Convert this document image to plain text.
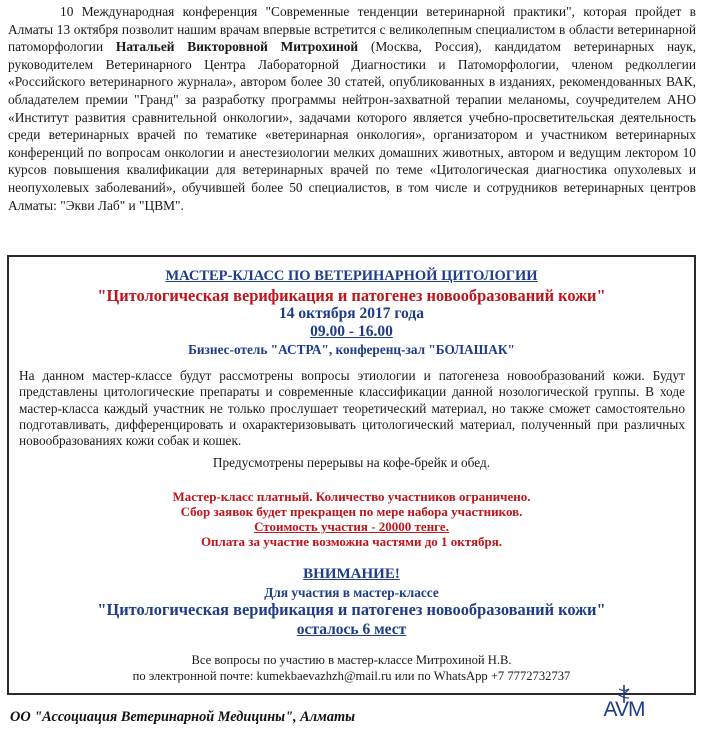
10 Международная конференция "Современные тенденции ветеринарной практики", которая пройдет в Алматы 13 октября позволит нашим врачам впервые встретится с великолепным специалистом в области ветеринарной патоморфологии Натальей Викторовной Митрохиной (Москва, Россия), кандидатом ветеринарных наук, руководителем Ветеринарного Центра Лабораторной Диагностики и Патоморфологии, членом редколлегии «Российского ветеринарного журнала», автором более 30 статей, опубликованных в изданиях, рекомендованных ВАК, обладателем премии "Гранд" за разработку программы нейтрон-захватной терапии меланомы, соучредителем АНО «Институт развития сравнительной онкологии», задачами которого является учебно-просветительская деятельность среди ветеринарных врачей по тематике «ветеринарная онкология», организатором и участником ветеринарных конференций по вопросам онкологии и анестезиологии мелких домашних животных, автором и ведущим лектором 10 курсов повышения квалификации для ветеринарных врачей по теме «Цитологическая диагностика опухолевых и неопухолевых заболеваний», обучившей более 50 специалистов, в том числе и сотрудников ветеринарных центров Алматы: "Экви Лаб" и "ЦВМ".

МАСТЕР-КЛАСС ПО ВЕТЕРИНАРНОЙ ЦИТОЛОГИИ

"Цитологическая верификация и патогенез новообразований кожи"

14 октября 2017 года

09.00 - 16.00

Бизнес-отель "АСТРА", конференц-зал "БОЛАШАК"

На данном мастер-классе будут рассмотрены вопросы этиологии и патогенеза новообразований кожи. Будут представлены цитологические препараты и современные классификации данной нозологической группы. В ходе мастер-класса каждый участник не только прослушает теоретический материал, но также сможет самостоятельно подготавливать, дифференцировать и охарактеризовывать цитологический материал, полученный при различных новообразованиях кожи собак и кошек.

Предусмотрены перерывы на кофе-брейк и обед.

Мастер-класс платный. Количество участников ограничено.

Сбор заявок будет прекращен по мере набора участников.

Стоимость участия - 20000 тенге.

Оплата за участие возможна частями до 1 октября.

ВНИМАНИЕ!

Для участия в мастер-классе

"Цитологическая верификация и патогенез новообразований кожи"

осталось 6 мест

Все вопросы по участию в мастер-классе Митрохиной Н.В.

по электронной почте: kumekbaevazhzh@mail.ru или по WhatsApp +7 7772732737

ОО "Ассоциация Ветеринарной Медицины", Алматы	AVM
